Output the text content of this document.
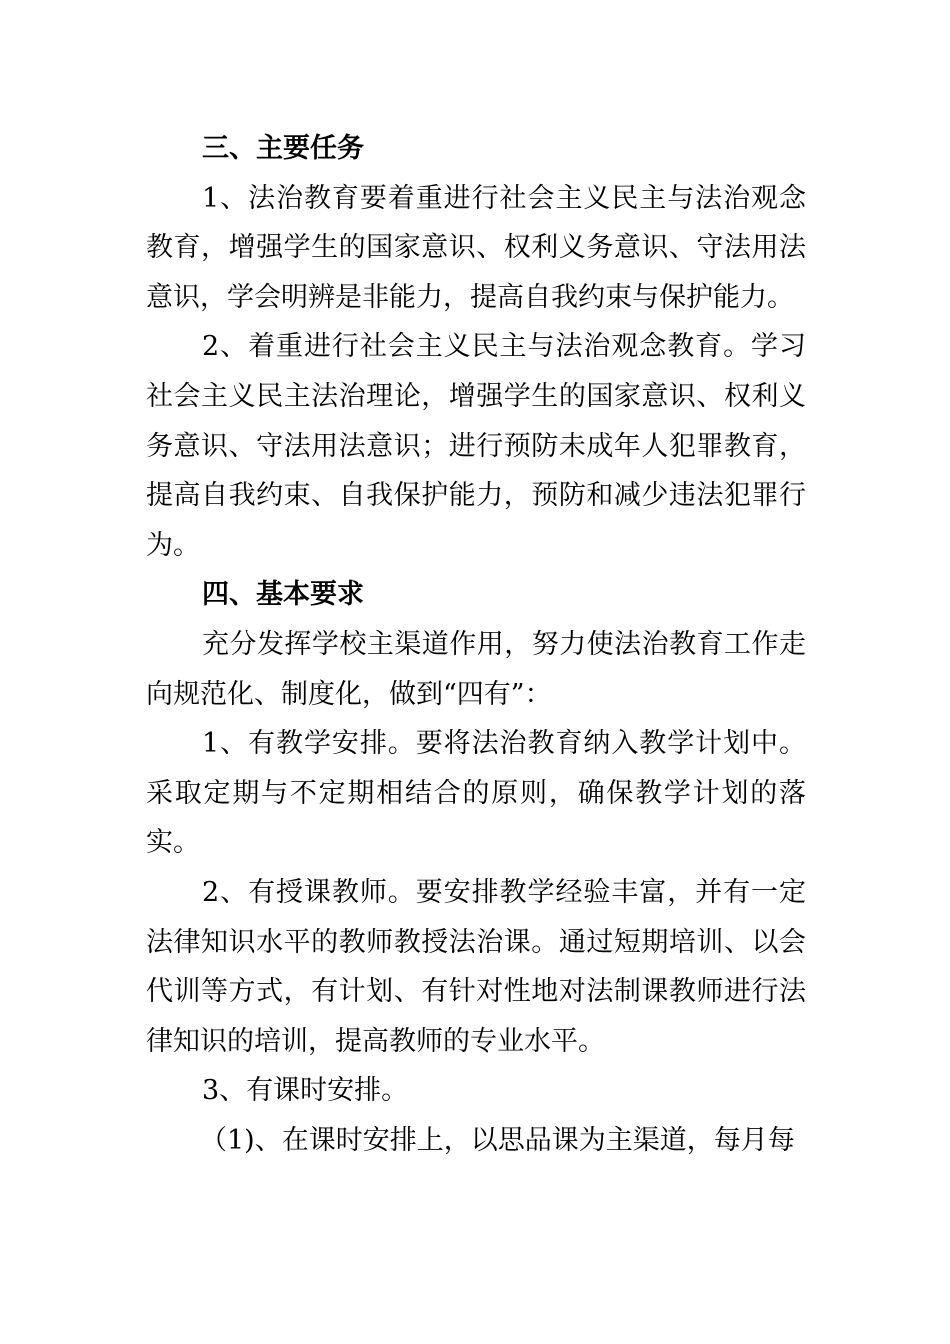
三、主要任务

1、法治教育要着重进行社会主义民主与法治观念教育，增强学生的国家意识、权利义务意识、守法用法意识，学会明辨是非能力，提高自我约束与保护能力。

2、着重进行社会主义民主与法治观念教育。学习社会主义民主法治理论，增强学生的国家意识、权利义务意识、守法用法意识；进行预防未成年人犯罪教育，提高自我约束、自我保护能力，预防和减少违法犯罪行为。

四、基本要求

充分发挥学校主渠道作用，努力使法治教育工作走向规范化、制度化，做到“四有”：

1、有教学安排。要将法治教育纳入教学计划中。采取定期与不定期相结合的原则，确保教学计划的落实。

2、有授课教师。要安排教学经验丰富，并有一定法律知识水平的教师教授法治课。通过短期培训、以会代训等方式，有计划、有针对性地对法制课教师进行法律知识的培训，提高教师的专业水平。

3、有课时安排。

（1)、在课时安排上，以思品课为主渠道，每月每
